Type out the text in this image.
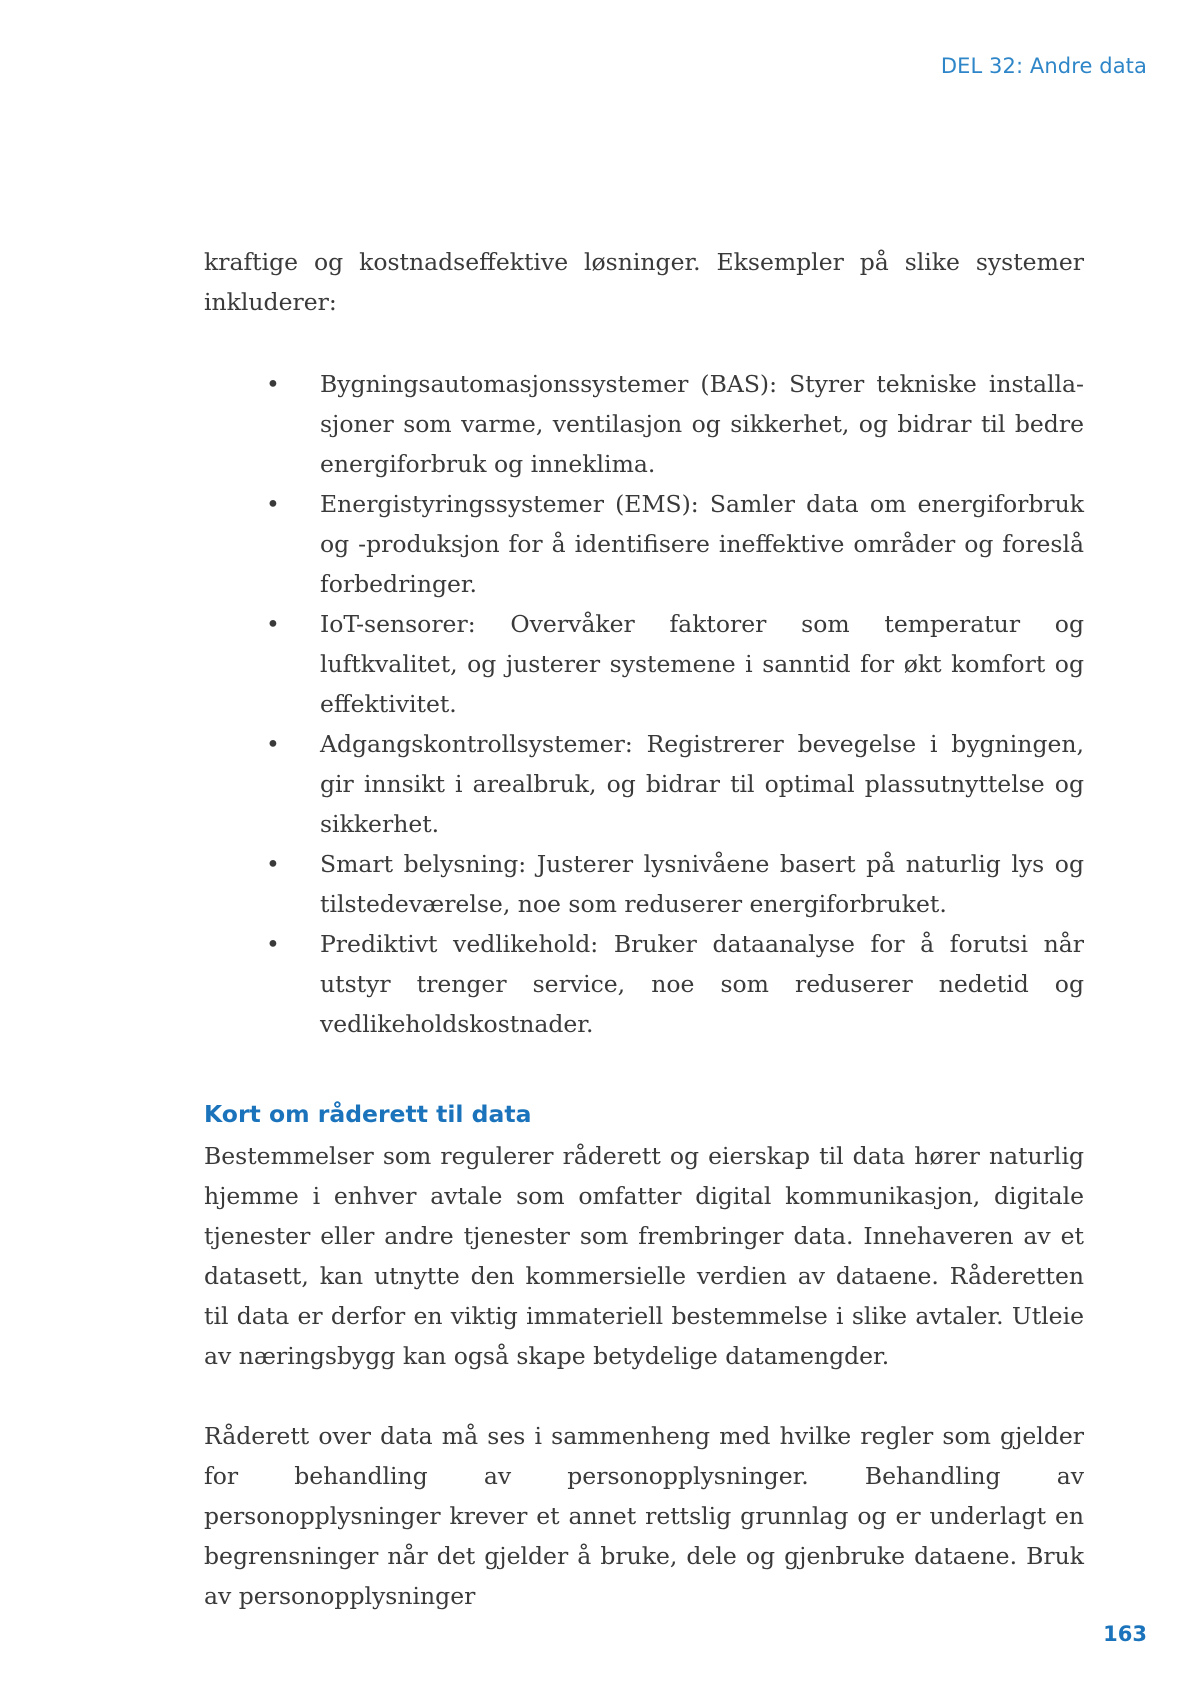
DEL 32: Andre data

kraftige og kostnadseffektive løsninger. Eksempler på slike systemer inkluderer:

• Bygningsautomasjonssystemer (BAS): Styrer tekniske installasjoner som varme, ventilasjon og sikkerhet, og bidrar til bedre energiforbruk og inneklima.
• Energistyringssystemer (EMS): Samler data om energiforbruk og -produksjon for å identifisere ineffektive områder og foreslå forbedringer.
• IoT-sensorer: Overvåker faktorer som temperatur og luftkvalitet, og justerer systemene i sanntid for økt komfort og effektivitet.
• Adgangskontrollsystemer: Registrerer bevegelse i bygningen, gir innsikt i arealbruk, og bidrar til optimal plassutnyttelse og sikkerhet.
• Smart belysning: Justerer lysnivåene basert på naturlig lys og tilstedeværelse, noe som reduserer energiforbruket.
• Prediktivt vedlikehold: Bruker dataanalyse for å forutsi når utstyr trenger service, noe som reduserer nedetid og vedlikeholdskostnader.
Kort om råderett til data

Bestemmelser som regulerer råderett og eierskap til data hører naturlig hjemme i enhver avtale som omfatter digital kommunikasjon, digitale tjenester eller andre tjenester som frembringer data. Innehaveren av et datasett, kan utnytte den kommersielle verdien av dataene. Råderetten til data er derfor en viktig immateriell bestemmelse i slike avtaler. Utleie av næringsbygg kan også skape betydelige datamengder.

Råderett over data må ses i sammenheng med hvilke regler som gjelder for behandling av personopplysninger. Behandling av personopplysninger krever et annet rettslig grunnlag og er underlagt en begrensninger når det gjelder å bruke, dele og gjenbruke dataene. Bruk av personopplysninger

163
